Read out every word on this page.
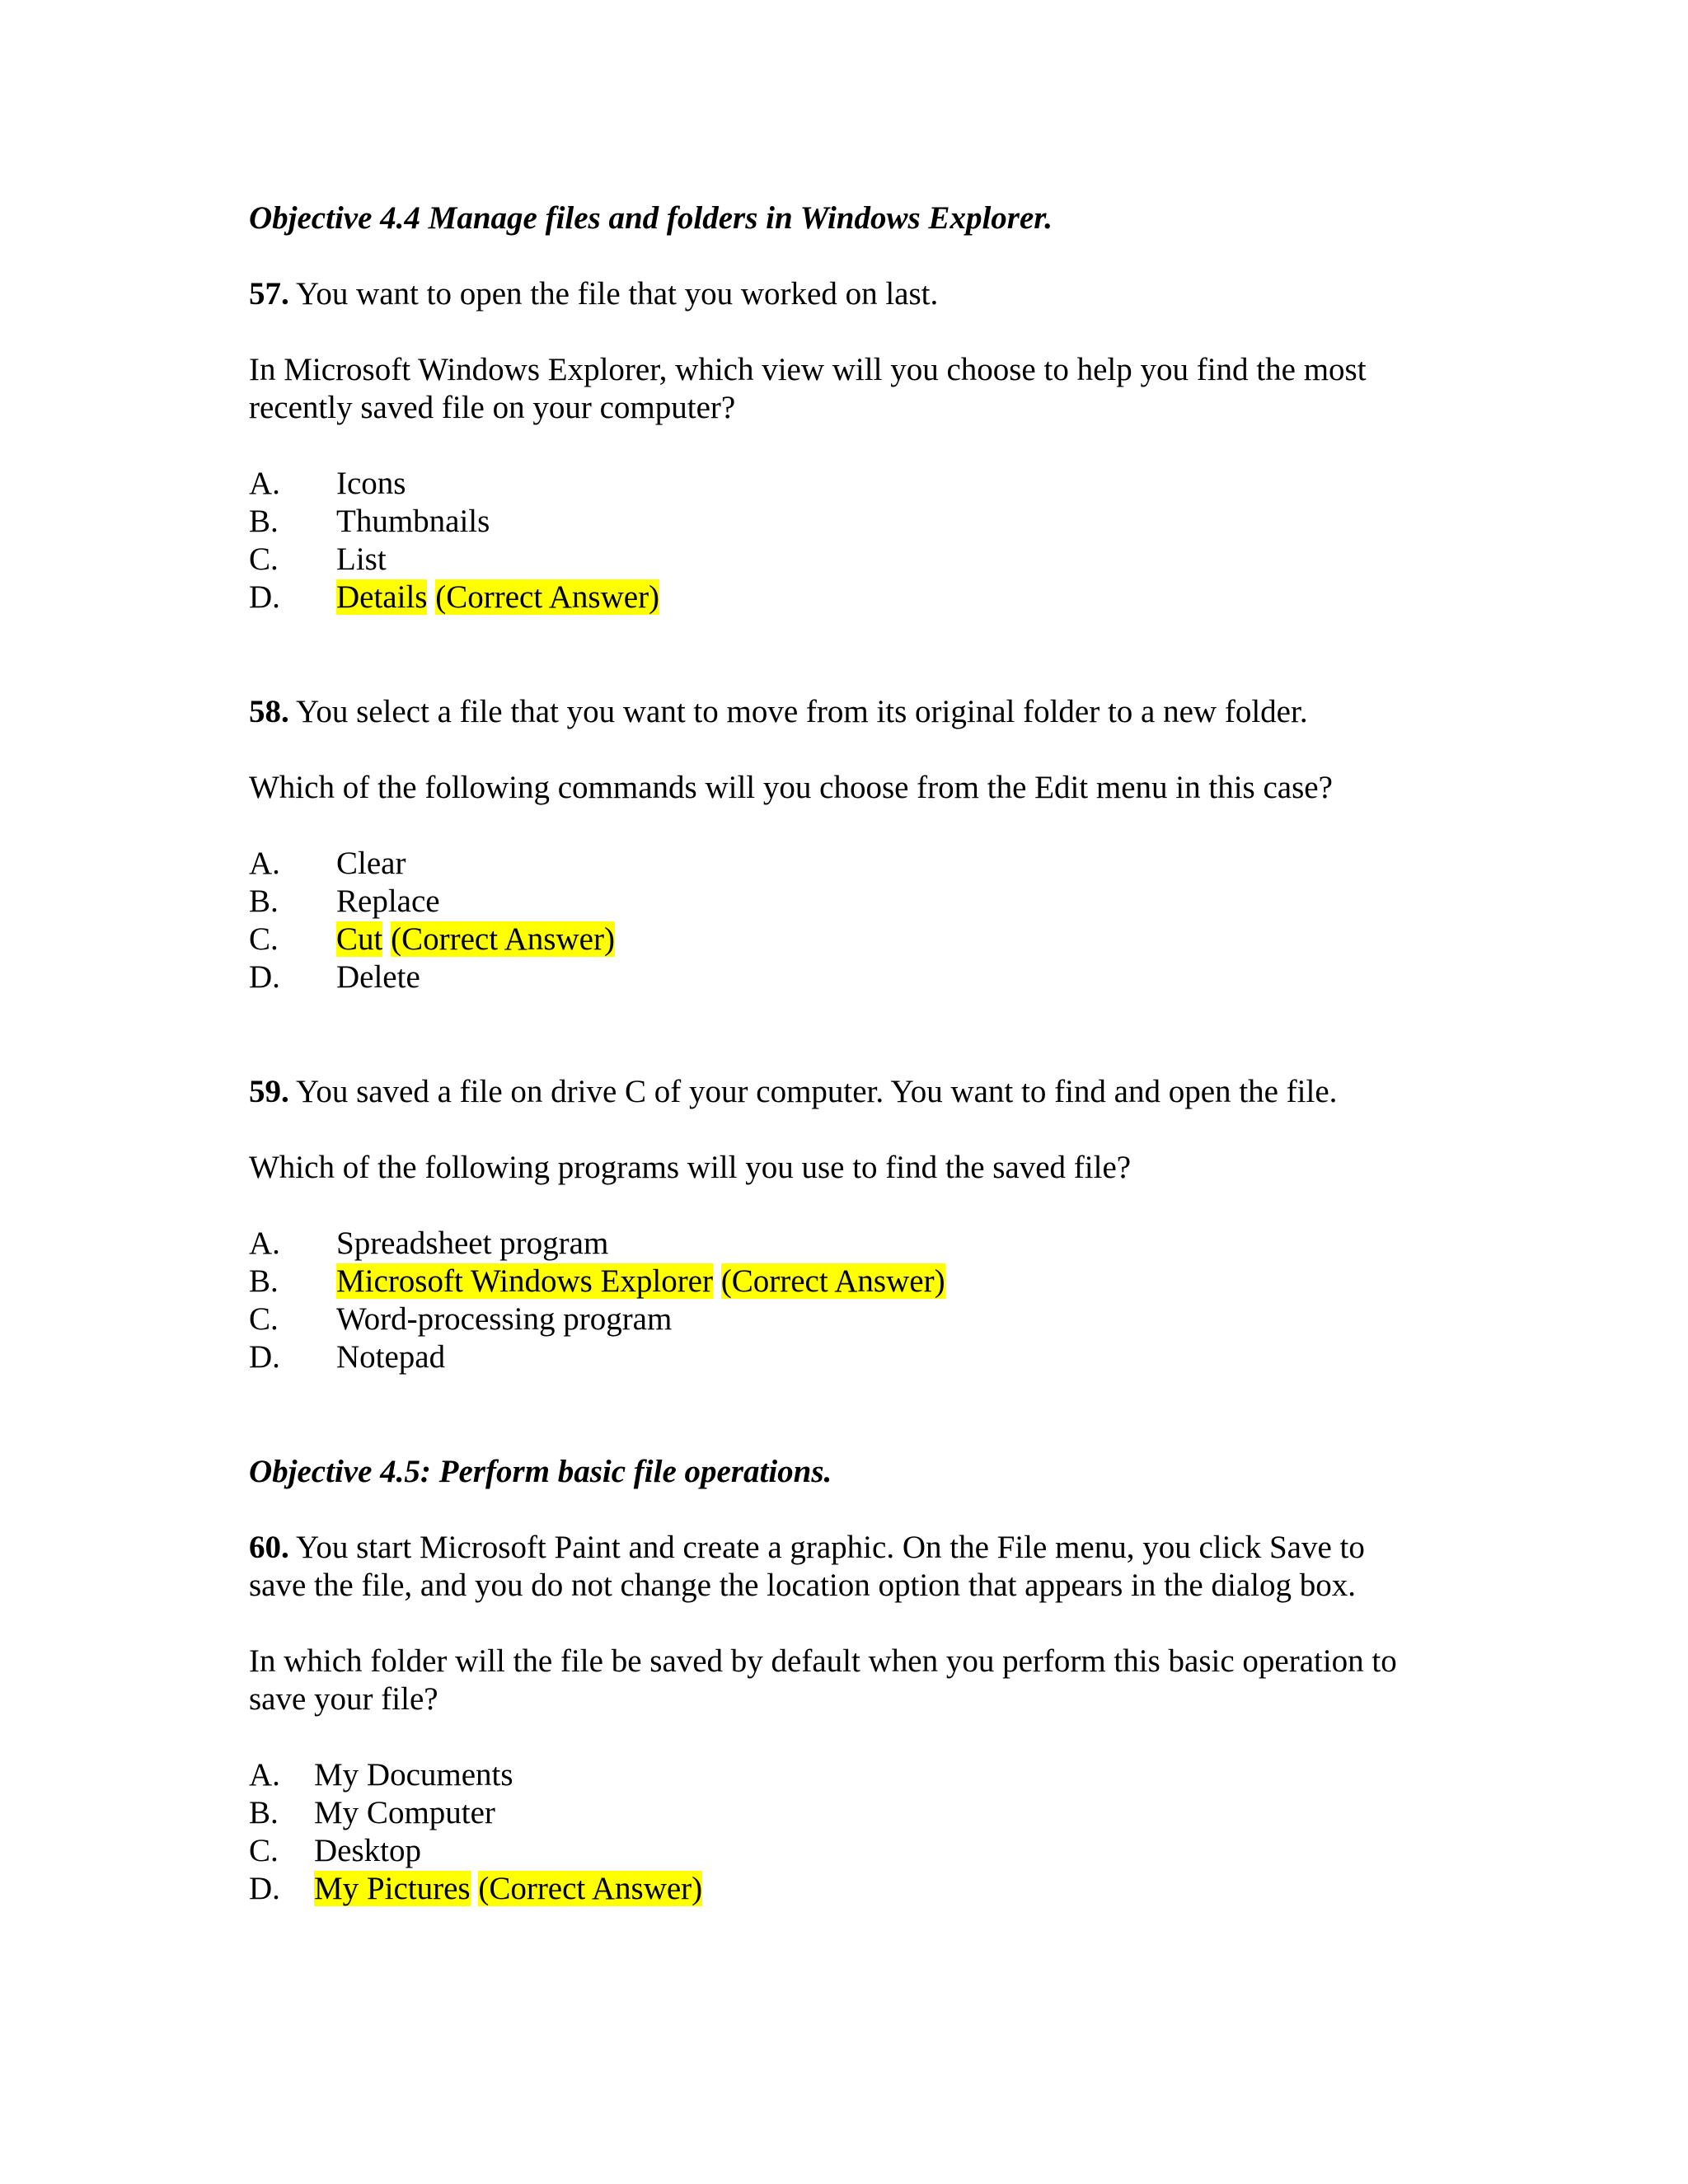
Objective 4.4 Manage files and folders in Windows Explorer.
57. You want to open the file that you worked on last.
In Microsoft Windows Explorer, which view will you choose to help you find the most
recently saved file on your computer?
A. Icons
B. Thumbnails
C. List
D. Details (Correct Answer)
58. You select a file that you want to move from its original folder to a new folder.
Which of the following commands will you choose from the Edit menu in this case?
A. Clear
B. Replace
C. Cut (Correct Answer)
D. Delete
59. You saved a file on drive C of your computer. You want to find and open the file.
Which of the following programs will you use to find the saved file?
A. Spreadsheet program
B. Microsoft Windows Explorer (Correct Answer)
C. Word-processing program
D. Notepad
Objective 4.5: Perform basic file operations.
60. You start Microsoft Paint and create a graphic. On the File menu, you click Save to
save the file, and you do not change the location option that appears in the dialog box.
In which folder will the file be saved by default when you perform this basic operation to
save your file?
A. My Documents
B. My Computer
C. Desktop
D. My Pictures (Correct Answer)
